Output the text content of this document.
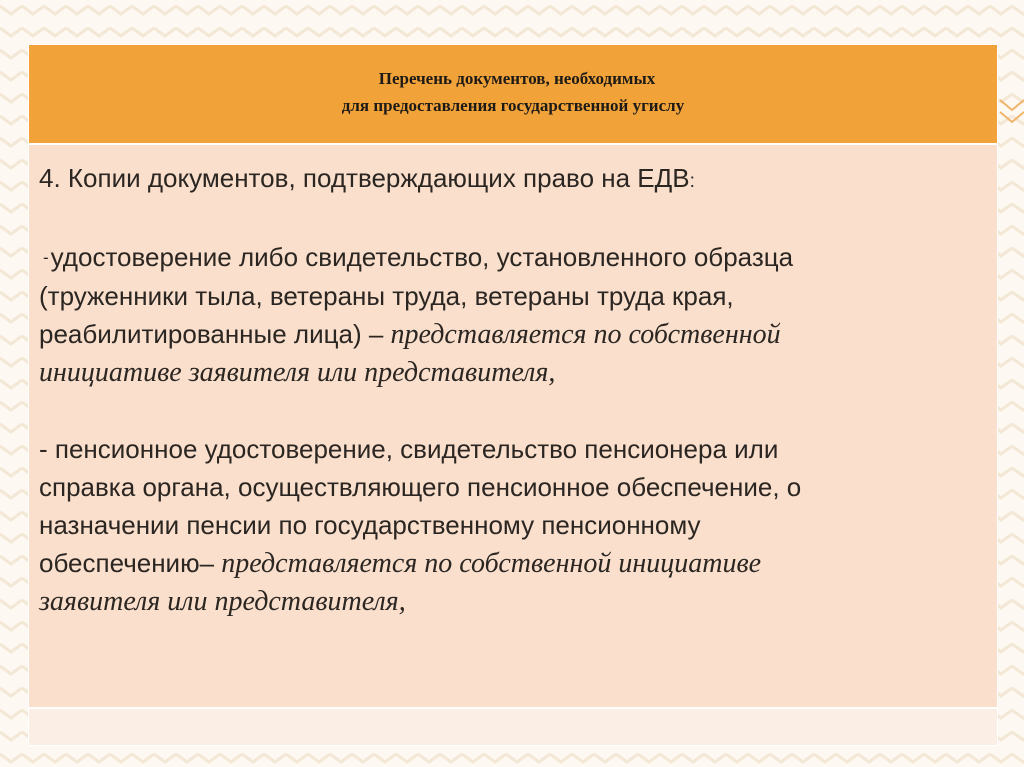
Перечень документов, необходимых
для предоставления государственной угислу

4. Копии документов, подтверждающих право на ЕДВ:

-удостоверение либо свидетельство, установленного образца

(труженники тыла, ветераны труда, ветераны труда края,

реабилитированные лица) – представляется по собственной

инициативе заявителя или представителя,

- пенсионное удостоверение, свидетельство пенсионера или

справка органа, осуществляющего пенсионное обеспечение, о

назначении пенсии по государственному пенсионному

обеспечению– представляется по собственной инициативе

заявителя или представителя,
